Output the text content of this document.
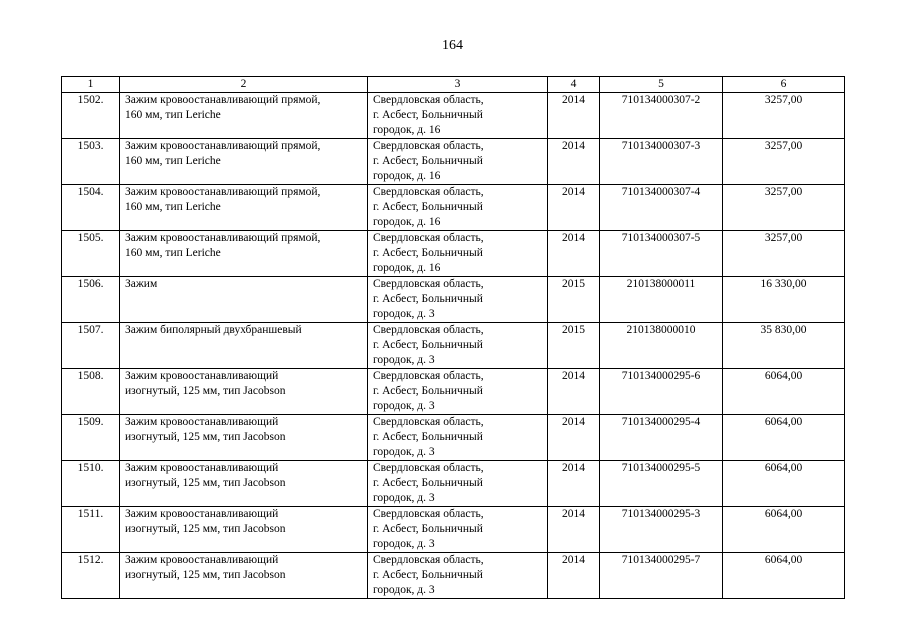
164
1	2	3	4	5	6
1502.	Зажим кровоостанавливающий прямой,
160 мм, тип Leriche	Свердловская область,
г. Асбест, Больничный
городок, д. 16	2014	710134000307-2	3257,00
1503.	Зажим кровоостанавливающий прямой,
160 мм, тип Leriche	Свердловская область,
г. Асбест, Больничный
городок, д. 16	2014	710134000307-3	3257,00
1504.	Зажим кровоостанавливающий прямой,
160 мм, тип Leriche	Свердловская область,
г. Асбест, Больничный
городок, д. 16	2014	710134000307-4	3257,00
1505.	Зажим кровоостанавливающий прямой,
160 мм, тип Leriche	Свердловская область,
г. Асбест, Больничный
городок, д. 16	2014	710134000307-5	3257,00
1506.	Зажим	Свердловская область,
г. Асбест, Больничный
городок, д. 3	2015	210138000011	16 330,00
1507.	Зажим биполярный двухбраншевый	Свердловская область,
г. Асбест, Больничный
городок, д. 3	2015	210138000010	35 830,00
1508.	Зажим кровоостанавливающий
изогнутый, 125 мм, тип Jacobson	Свердловская область,
г. Асбест, Больничный
городок, д. 3	2014	710134000295-6	6064,00
1509.	Зажим кровоостанавливающий
изогнутый, 125 мм, тип Jacobson	Свердловская область,
г. Асбест, Больничный
городок, д. 3	2014	710134000295-4	6064,00
1510.	Зажим кровоостанавливающий
изогнутый, 125 мм, тип Jacobson	Свердловская область,
г. Асбест, Больничный
городок, д. 3	2014	710134000295-5	6064,00
1511.	Зажим кровоостанавливающий
изогнутый, 125 мм, тип Jacobson	Свердловская область,
г. Асбест, Больничный
городок, д. 3	2014	710134000295-3	6064,00
1512.	Зажим кровоостанавливающий
изогнутый, 125 мм, тип Jacobson	Свердловская область,
г. Асбест, Больничный
городок, д. 3	2014	710134000295-7	6064,00
